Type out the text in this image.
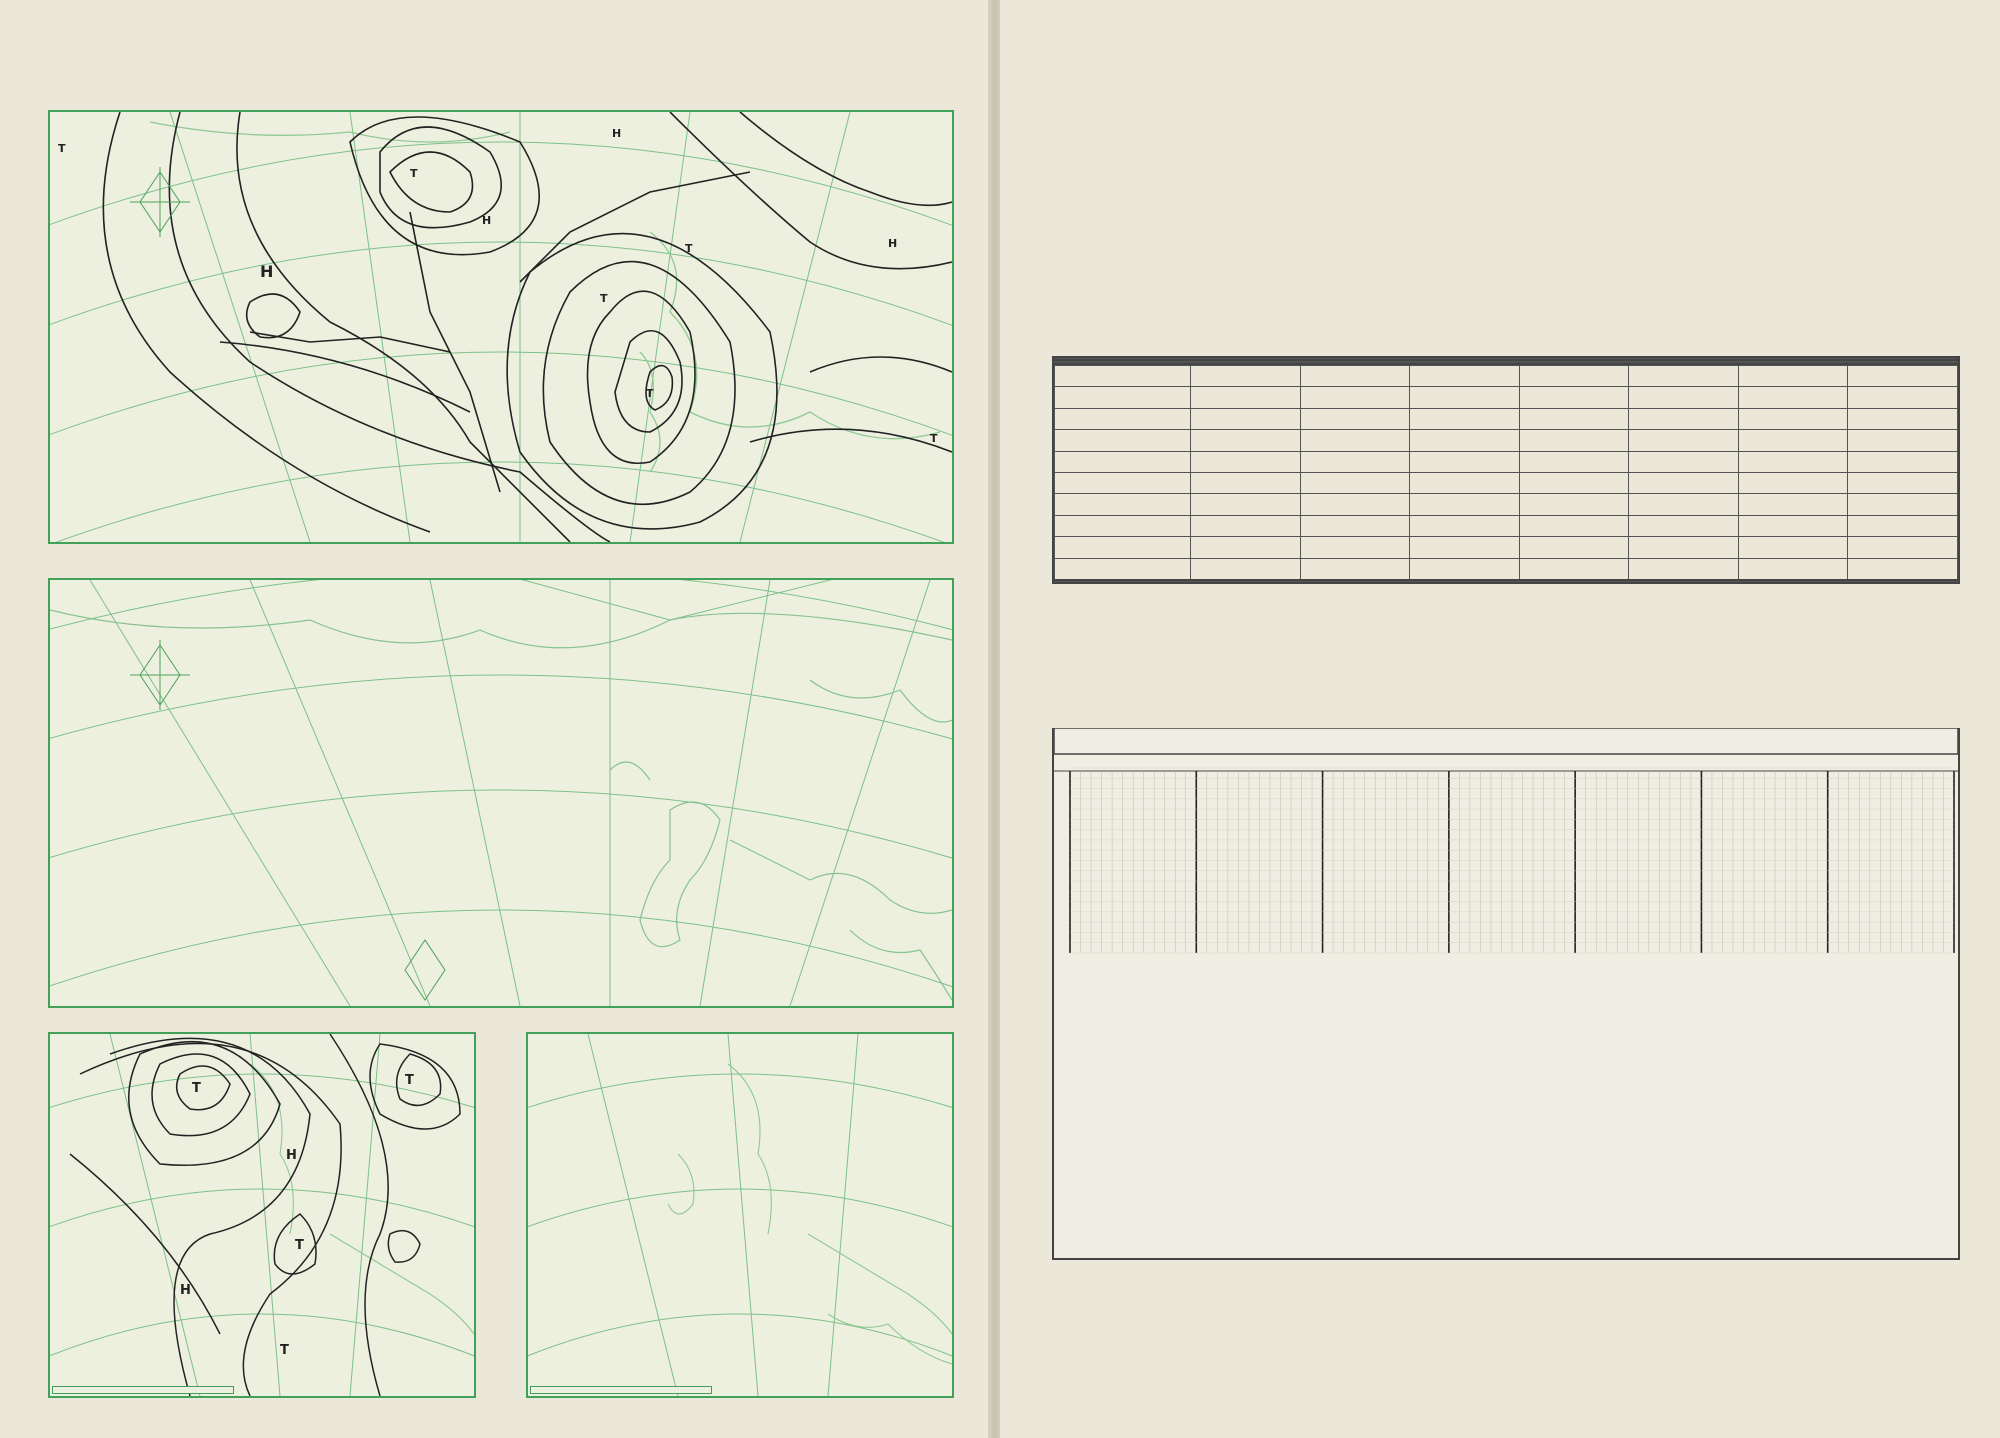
T
H
T
H
H
T
T	H
T
T
T
T
T
H
H
T
